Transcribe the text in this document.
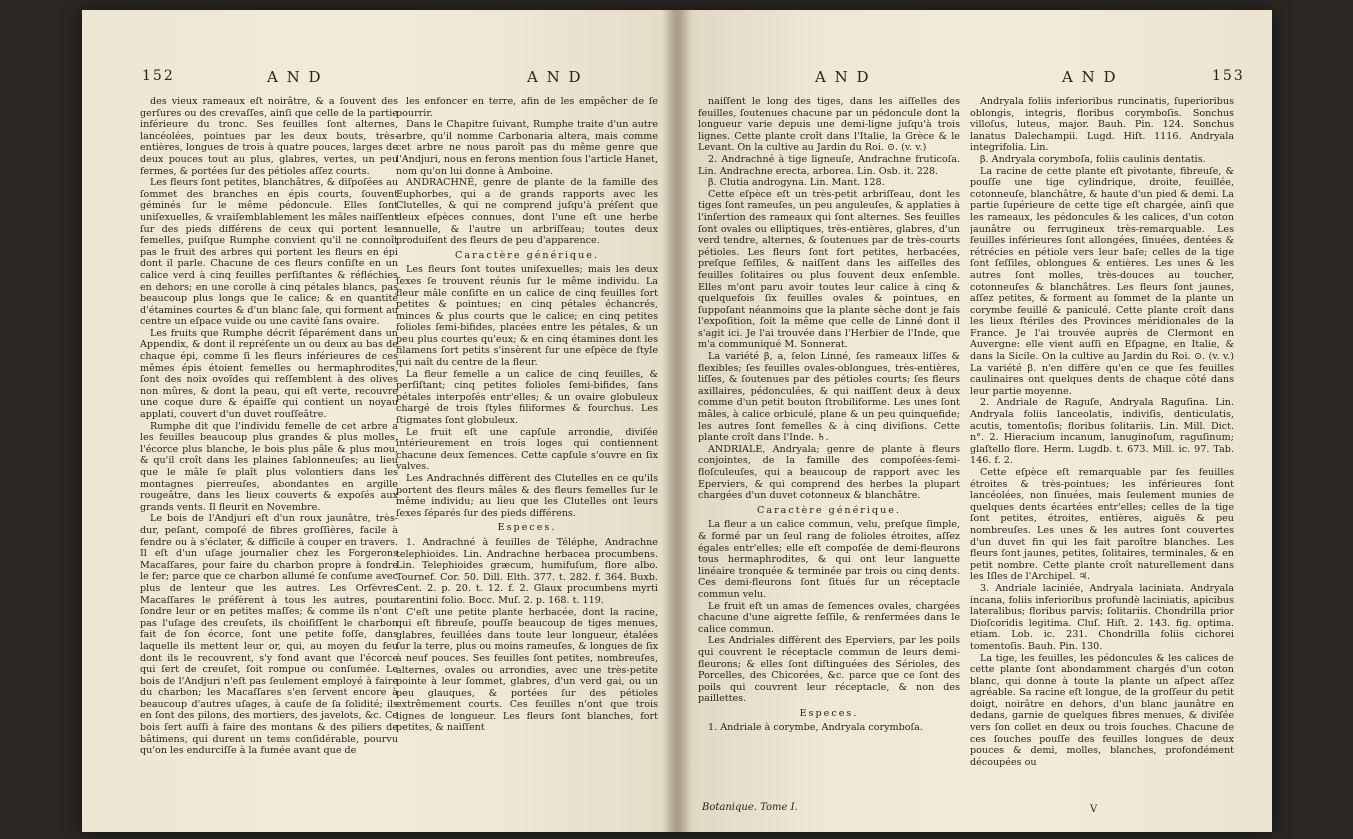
152	A N D	A N D

des vieux rameaux eſt noirâtre, & a ſouvent des gerſures ou des crevaſſes, ainſi que celle de la partie inférieure du tronc. Ses feuilles ſont alternes, lancéolées, pointues par les deux bouts, très-entières, longues de trois à quatre pouces, larges de deux pouces tout au plus, glabres, vertes, un peu fermes, & portées ſur des pétioles aſſez courts.

Les fleurs ſont petites, blanchâtres, & diſpoſées au ſommet des branches en épis courts, ſouvent géminés ſur le même pédoncule. Elles ſont uniſexuelles, & vraiſemblablement les mâles naiſſent ſur des pieds différens de ceux qui portent les femelles, puiſque Rumphe convient qu'il ne connoît pas le fruit des arbres qui portent les fleurs en épi dont il parle. Chacune de ces fleurs conſiſte en un calice verd à cinq feuilles perſiſtantes & réfléchies en dehors; en une corolle à cinq pétales blancs, pas beaucoup plus longs que le calice; & en quantité d'étamines courtes & d'un blanc ſale, qui forment au centre un eſpace vuide ou une cavité ſans ovaire.

Les fruits que Rumphe décrit ſéparément dans un Appendix, & dont il repréſente un ou deux au bas de chaque épi, comme ſi les fleurs inférieures de ces mêmes épis étoient femelles ou hermaphrodites, ſont des noix ovoïdes qui reſſemblent à des olives non mûres, & dont la peau, qui eſt verte, recouvre une coque dure & épaiſſe qui contient un noyau applati, couvert d'un duvet rouſſeâtre.

Rumphe dit que l'individu femelle de cet arbre a les feuilles beaucoup plus grandes & plus molles, l'écorce plus blanche, le bois plus pâle & plus mou, & qu'il croît dans les plaines ſablonneuſes; au lieu que le mâle ſe plaît plus volontiers dans les montagnes pierreuſes, abondantes en argille rougeâtre, dans les lieux couverts & expoſés aux grands vents. Il fleurit en Novembre.

Le bois de l'Andjuri eſt d'un roux jaunâtre, très-dur, peſant, compoſé de fibres groſſières, facile à fendre ou à s'éclater, & difficile à couper en travers. Il eſt d'un uſage journalier chez les Forgerons Macaſſares, pour faire du charbon propre à fondre le fer; parce que ce charbon allumé ſe conſume avec plus de lenteur que les autres. Les Orfèvres Macaſſares le préfèrent à tous les autres, pour ſondre leur or en petites maſſes; & comme ils n'ont pas l'uſage des creuſets, ils choiſiſſent le charbon fait de ſon écorce, ſont une petite foſſe, dans laquelle ils mettent leur or, qui, au moyen du feu dont ils le recouvrent, s'y fond avant que l'écorce qui ſert de creuſet, ſoit rompue ou conſumée. Le bois de l'Andjuri n'eſt pas ſeulement employé à faire du charbon; les Macaſſares s'en ſervent encore à beaucoup d'autres uſages, à cauſe de ſa ſolidité; ils en ſont des pilons, des mortiers, des javelots, &c. Ce bois ſert auſſi à faire des montans & des piliers de bâtimens, qui durent un tems conſidérable, pourvu qu'on les endurciſſe à la fumée avant que de

les enfoncer en terre, afin de les empêcher de ſe pourrir.

Dans le Chapitre ſuivant, Rumphe traite d'un autre arbre, qu'il nomme Carbonaria altera, mais comme cet arbre ne nous paroît pas du même genre que l'Andjuri, nous en ferons mention ſous l'article Hanet, nom qu'on lui donne à Amboine.

ANDRACHNÉ, genre de plante de la famille des Euphorbes, qui a de grands rapports avec les Clutelles, & qui ne comprend juſqu'à préſent que deux eſpèces connues, dont l'une eſt une herbe annuelle, & l'autre un arbriſſeau; toutes deux produiſent des fleurs de peu d'apparence.

Caractère générique.

Les fleurs ſont toutes uniſexuelles; mais les deux ſexes ſe trouvent réunis ſur le même individu. La fleur mâle conſiſte en un calice de cinq feuilles ſort petites & pointues; en cinq pétales échancrés, minces & plus courts que le calice; en cinq petites folioles ſemi-bifides, placées entre les pétales, & un peu plus courtes qu'eux; & en cinq étamines dont les filamens ſort petits s'insèrent ſur une eſpèce de ſtyle qui naît du centre de la fleur.

La fleur femelle a un calice de cinq feuilles, & perſiſtant; cinq petites folioles ſemi-bifides, ſans pétales interpoſés entr'elles; & un ovaire globuleux chargé de trois ſtyles filiformes & fourchus. Les ſtigmates ſont globuleux.

Le fruit eſt une capſule arrondie, diviſée intérieurement en trois loges qui contiennent chacune deux ſemences. Cette capſule s'ouvre en ſix valves.

Les Andrachnés diffèrent des Clutelles en ce qu'ils portent des fleurs mâles & des fleurs femelles ſur le même individu; au lieu que les Clutelles ont leurs ſexes ſéparés ſur des pieds différens.

Especes.

1. Andrachné à feuilles de Téléphe, Andrachne telephioides. Lin. Andrachne herbacea procumbens. Lin. Telephioides græcum, humifuſum, flore albo. Tournef. Cor. 50. Dill. Elth. 377. t. 282. f. 364. Buxb. Cent. 2. p. 20. t. 12. f. 2. Glaux procumbens myrti tarentini folio. Bocc. Muſ. 2. p. 168. t. 119.

C'eſt une petite plante herbacée, dont la racine, qui eſt fibreuſe, pouſſe beaucoup de tiges menues, glabres, feuillées dans toute leur longueur, étalées ſur la terre, plus ou moins rameuſes, & longues de ſix à neuf pouces. Ses feuilles ſont petites, nombreuſes, alternes, ovales ou arrondies, avec une très-petite pointe à leur ſommet, glabres, d'un verd gai, ou un peu glauques, & portées ſur des pétioles extrêmement courts. Ces feuilles n'ont que trois lignes de longueur. Les fleurs ſont blanches, fort petites, & naiſſent

A N D	A N D	153

naiſſent le long des tiges, dans les aiſſelles des feuilles, ſoutenues chacune par un pédoncule dont la longueur varie depuis une demi-ligne juſqu'à trois lignes. Cette plante croît dans l'Italie, la Grèce & le Levant. On la cultive au Jardin du Roi. ⊙. (v. v.)

2. Andrachné à tige ligneuſe, Andrachne fruticoſa. Lin. Andrachne erecta, arborea. Lin. Osb. it. 228.

β. Clutia androgyna. Lin. Mant. 128.

Cette eſpèce eſt un très-petit arbriſſeau, dont les tiges ſont rameuſes, un peu anguleuſes, & applaties à l'inſertion des rameaux qui ſont alternes. Ses feuilles ſont ovales ou elliptiques, très-entières, glabres, d'un verd tendre, alternes, & ſoutenues par de très-courts pétioles. Les fleurs ſont fort petites, herbacées, preſque ſeſſiles, & naiſſent dans les aiſſelles des feuilles ſolitaires ou plus ſouvent deux enſemble. Elles m'ont paru avoir toutes leur calice à cinq & quelquefois ſix feuilles ovales & pointues, en ſuppoſant néanmoins que la plante sèche dont je fais l'expoſition, ſoit la même que celle de Linné dont il s'agit ici. Je l'ai trouvée dans l'Herbier de l'Inde, que m'a communiqué M. Sonnerat.

La variété β, a, ſelon Linné, ſes rameaux liſſes & flexibles; ſes feuilles ovales-oblongues, très-entières, liſſes, & ſoutenues par des pétioles courts; ſes fleurs axillaires, pédonculées, & qui naiſſent deux à deux comme d'un petit bouton ſtrobiliforme. Les unes ſont mâles, à calice orbiculé, plane & un peu quinquefide; les autres ſont femelles & à cinq diviſions. Cette plante croît dans l'Inde. ♄.

ANDRIALE, Andryala; genre de plante à fleurs conjointes, de la famille des compoſées-ſemi-floſculeuſes, qui a beaucoup de rapport avec les Eperviers, & qui comprend des herbes la plupart chargées d'un duvet cotonneux & blanchâtre.

Caractère générique.

La fleur a un calice commun, velu, preſque ſimple, & formé par un ſeul rang de folioles étroites, aſſez égales entr'elles; elle eſt compoſée de demi-fleurons tous hermaphrodites, & qui ont leur languette linéaire tronquée & terminée par trois ou cinq dents. Ces demi-fleurons ſont ſitués ſur un réceptacle commun velu.

Le fruit eſt un amas de ſemences ovales, chargées chacune d'une aigrette ſeſſile, & renfermées dans le calice commun.

Les Andriales diffèrent des Eperviers, par les poils qui couvrent le réceptacle commun de leurs demi-fleurons; & elles ſont diſtinguées des Sérioles, des Porcelles, des Chicorées, &c. parce que ce ſont des poils qui couvrent leur réceptacle, & non des paillettes.

Especes.

1. Andriale à corymbe, Andryala corymboſa.

Andryala foliis inferioribus runcinatis, ſuperioribus oblongis, integris, floribus corymboſis. Sonchus villoſus, luteus, major. Bauh. Pin. 124. Sonchus lanatus Dalechampii. Lugd. Hiſt. 1116. Andryala integrifolia. Lin.

β. Andryala corymboſa, foliis caulinis dentatis.

La racine de cette plante eſt pivotante, fibreuſe, & pouſſe une tige cylindrique, droite, feuillée, cotonneuſe, blanchâtre, & haute d'un pied & demi. La partie ſupérieure de cette tige eſt chargée, ainſi que les rameaux, les pédoncules & les calices, d'un coton jaunâtre ou ferrugineux très-remarquable. Les feuilles inférieures ſont allongées, ſinuées, dentées & rétrécies en pétiole vers leur baſe; celles de la tige ſont ſeſſiles, oblongues & entières. Les unes & les autres ſont molles, très-douces au toucher, cotonneuſes & blanchâtres. Les fleurs ſont jaunes, aſſez petites, & forment au ſommet de la plante un corymbe feuillé & paniculé. Cette plante croît dans les lieux ſtériles des Provinces méridionales de la France. Je l'ai trouvée auprès de Clermont en Auvergne: elle vient auſſi en Eſpagne, en Italie, & dans la Sicile. On la cultive au Jardin du Roi. ⊙. (v. v.) La variété β. n'en diffère qu'en ce que ſes feuilles caulinaires ont quelques dents de chaque côté dans leur partie moyenne.

2. Andriale de Raguſe, Andryala Raguſina. Lin. Andryala foliis lanceolatis, indiviſis, denticulatis, acutis, tomentoſis; floribus ſolitariis. Lin. Mill. Dict. n°. 2. Hieracium incanum, lanuginoſum, raguſinum; glaſtello flore. Herm. Lugdb. t. 673. Mill. ic. 97. Tab. 146. f. 2.

Cette eſpèce eſt remarquable par ſes feuilles étroites & très-pointues; les inférieures ſont lancéolées, non ſinuées, mais ſeulement munies de quelques dents écartées entr'elles; celles de la tige ſont petites, étroites, entières, aiguës & peu nombreuſes. Les unes & les autres ſont couvertes d'un duvet fin qui les fait paroître blanches. Les fleurs ſont jaunes, petites, ſolitaires, terminales, & en petit nombre. Cette plante croît naturellement dans les Iſles de l'Archipel. ♃.

3. Andriale laciniée, Andryala laciniata. Andryala incana, foliis inferioribus profundè laciniatis, apicibus lateralibus; floribus parvis; ſolitariis. Chondrilla prior Dioſcoridis legitima. Cluſ. Hiſt. 2. 143. fig. optima. etiam. Lob. ic. 231. Chondrilla foliis cichorei tomentoſis. Bauh. Pin. 130.

La tige, les feuilles, les pédoncules & les calices de cette plante ſont abondamment chargés d'un coton blanc, qui donne à toute la plante un aſpect aſſez agréable. Sa racine eſt longue, de la groſſeur du petit doigt, noirâtre en dehors, d'un blanc jaunâtre en dedans, garnie de quelques fibres menues, & diviſée vers ſon collet en deux ou trois ſouches. Chacune de ces ſouches pouſſe des feuilles longues de deux pouces & demi, molles, blanches, profondément découpées ou

Botanique. Tome I.	V
